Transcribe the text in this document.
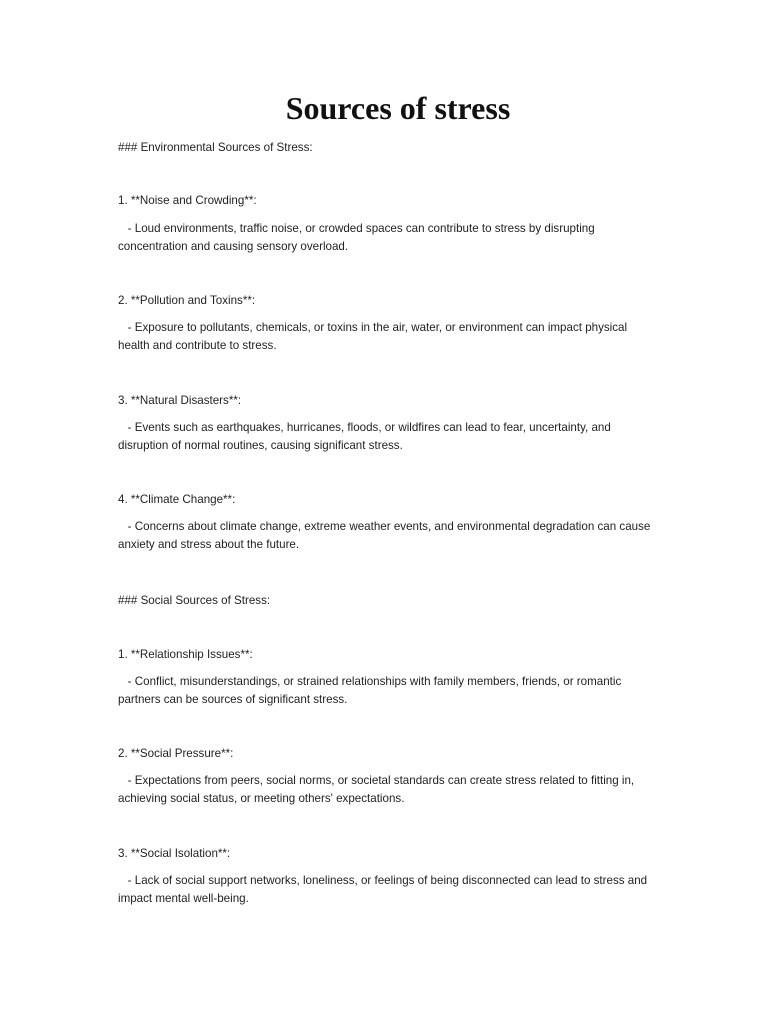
Sources of stress

### Environmental Sources of Stress:

1. **Noise and Crowding**:

- Loud environments, traffic noise, or crowded spaces can contribute to stress by disrupting concentration and causing sensory overload.

2. **Pollution and Toxins**:

- Exposure to pollutants, chemicals, or toxins in the air, water, or environment can impact physical health and contribute to stress.

3. **Natural Disasters**:

- Events such as earthquakes, hurricanes, floods, or wildfires can lead to fear, uncertainty, and disruption of normal routines, causing significant stress.

4. **Climate Change**:

- Concerns about climate change, extreme weather events, and environmental degradation can cause anxiety and stress about the future.

### Social Sources of Stress:

1. **Relationship Issues**:

- Conflict, misunderstandings, or strained relationships with family members, friends, or romantic partners can be sources of significant stress.

2. **Social Pressure**:

- Expectations from peers, social norms, or societal standards can create stress related to fitting in, achieving social status, or meeting others' expectations.

3. **Social Isolation**:

- Lack of social support networks, loneliness, or feelings of being disconnected can lead to stress and impact mental well-being.
